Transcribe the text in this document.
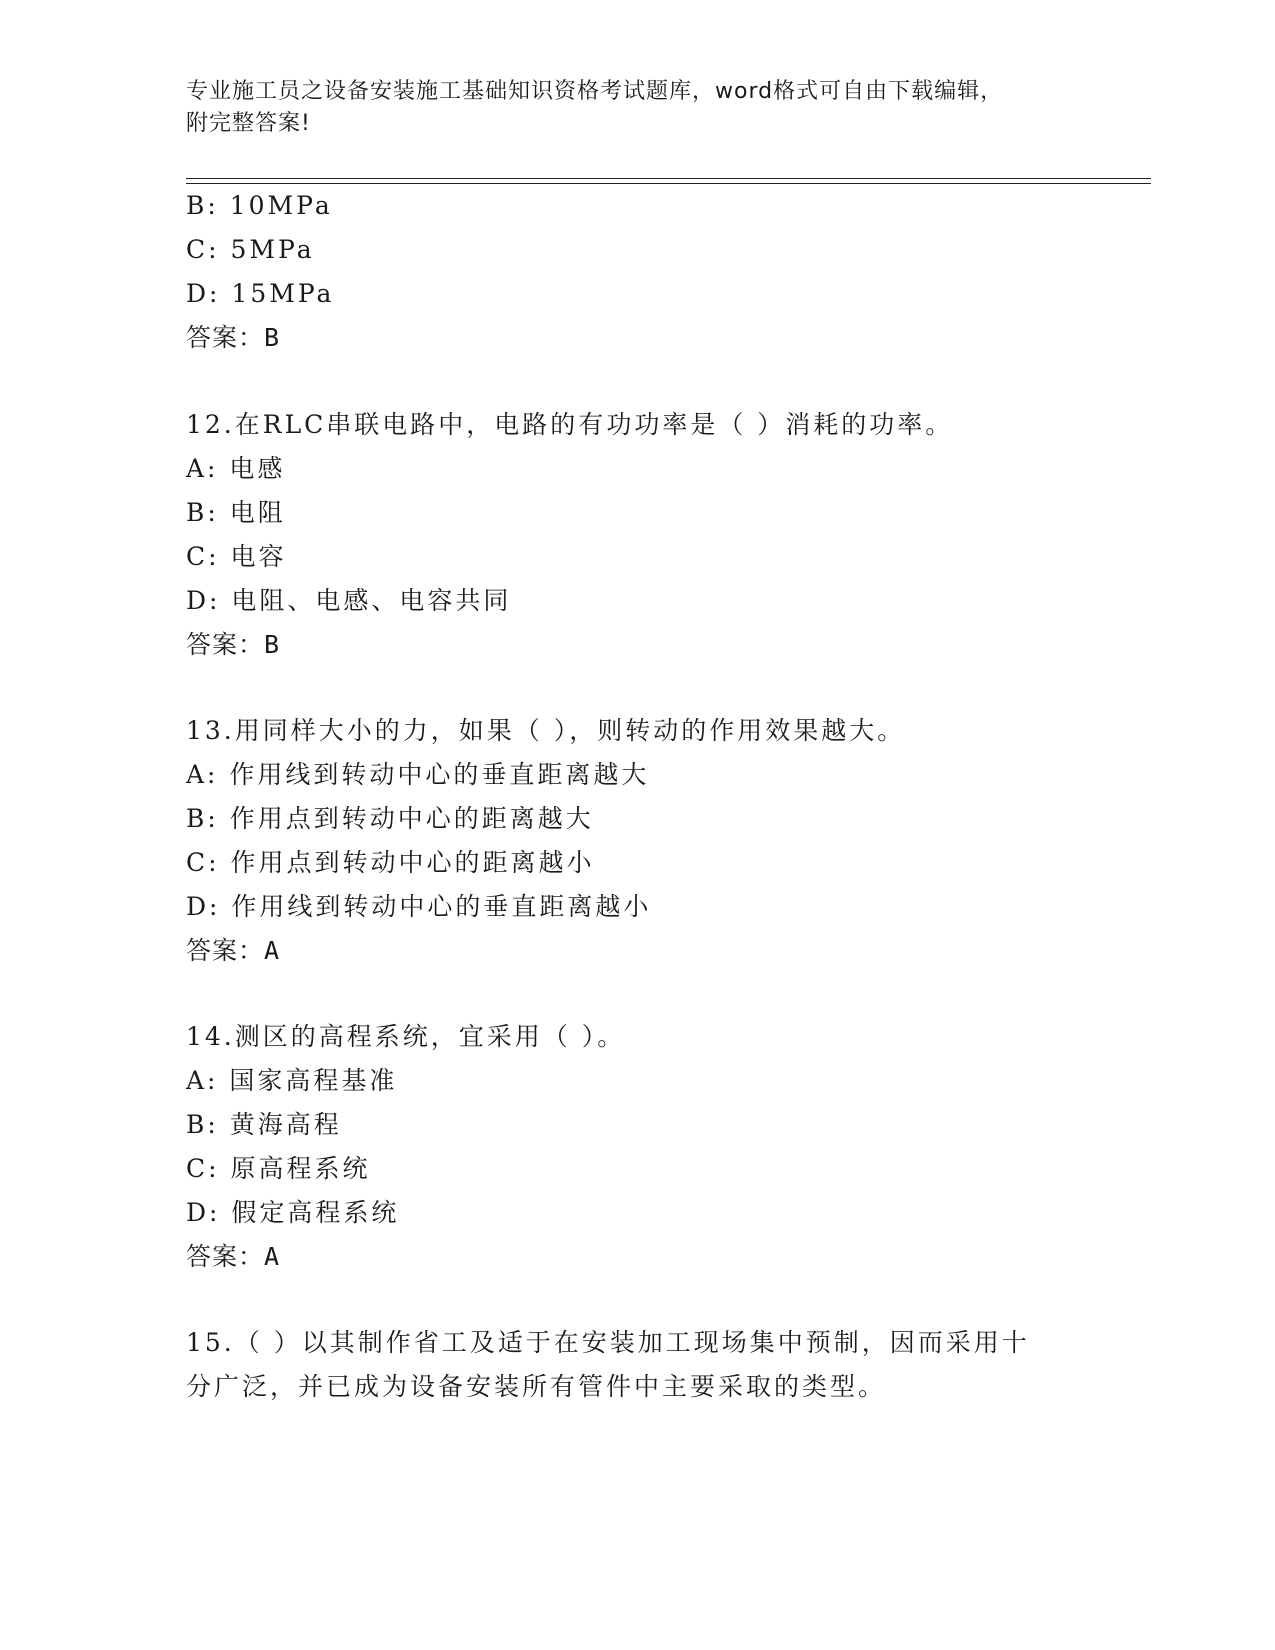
专业施工员之设备安装施工基础知识资格考试题库，word格式可自由下载编辑，
附完整答案!
B: 10MPa
C: 5MPa
D: 15MPa
答案：B
12.在RLC串联电路中，电路的有功功率是（ ）消耗的功率。
A: 电感
B: 电阻
C: 电容
D: 电阻、电感、电容共同
答案：B
13.用同样大小的力，如果（ ），则转动的作用效果越大。
A: 作用线到转动中心的垂直距离越大
B: 作用点到转动中心的距离越大
C: 作用点到转动中心的距离越小
D: 作用线到转动中心的垂直距离越小
答案：A
14.测区的高程系统，宜采用（ ）。
A: 国家高程基准
B: 黄海高程
C: 原高程系统
D: 假定高程系统
答案：A
15.（ ）以其制作省工及适于在安装加工现场集中预制，因而采用十
分广泛，并已成为设备安装所有管件中主要采取的类型。
